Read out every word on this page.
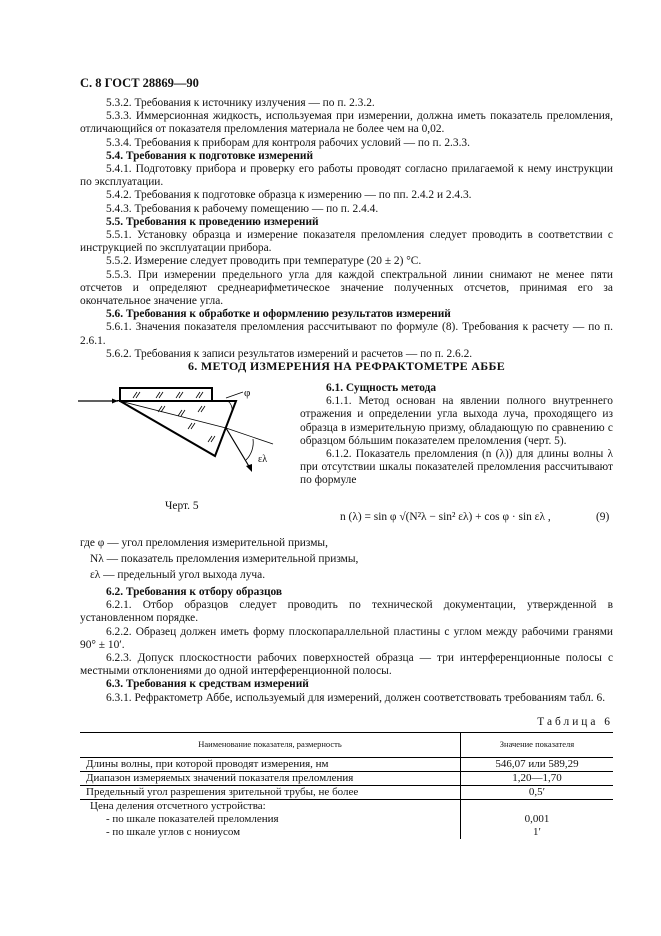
С. 8 ГОСТ 28869—90

5.3.2. Требования к источнику излучения — по п. 2.3.2.

5.3.3. Иммерсионная жидкость, используемая при измерении, должна иметь показатель преломления, отличающийся от показателя преломления материала не более чем на 0,02.

5.3.4. Требования к приборам для контроля рабочих условий — по п. 2.3.3.

5.4. Требования к подготовке измерений

5.4.1. Подготовку прибора и проверку его работы проводят согласно прилагаемой к нему инструкции по эксплуатации.

5.4.2. Требования к подготовке образца к измерению — по пп. 2.4.2 и 2.4.3.

5.4.3. Требования к рабочему помещению — по п. 2.4.4.

5.5. Требования к проведению измерений

5.5.1. Установку образца и измерение показателя преломления следует проводить в соответствии с инструкцией по эксплуатации прибора.

5.5.2. Измерение следует проводить при температуре (20 ± 2) °С.

5.5.3. При измерении предельного угла для каждой спектральной линии снимают не менее пяти отсчетов и определяют среднеарифметическое значение полученных отсчетов, принимая его за окончательное значение угла.

5.6. Требования к обработке и оформлению результатов измерений

5.6.1. Значения показателя преломления рассчитывают по формуле (8). Требования к расчету — по п. 2.6.1.

5.6.2. Требования к записи результатов измерений и расчетов — по п. 2.6.2.

6. МЕТОД ИЗМЕРЕНИЯ НА РЕФРАКТОМЕТРЕ АББЕ

6.1. Сущность метода

6.1.1. Метод основан на явлении полного внутреннего отражения и определении угла выхода луча, проходящего из образца в измерительную призму, обладающую по сравнению с образцом бóльшим показателем преломления (черт. 5).

6.1.2. Показатель преломления (n (λ)) для длины волны λ при отсутствии шкалы показателей преломления рассчитывают по формуле

φ
ελ
Черт. 5
n (λ) = sin φ √(N²λ − sin² ελ) + cos φ · sin ελ ,	(9)
где φ — угол преломления измерительной призмы,
Nλ — показатель преломления измерительной призмы,
ελ — предельный угол выхода луча.

6.2. Требования к отбору образцов

6.2.1. Отбор образцов следует проводить по технической документации, утвержденной в установленном порядке.

6.2.2. Образец должен иметь форму плоскопараллельной пластины с углом между рабочими гранями 90° ± 10′.

6.2.3. Допуск плоскостности рабочих поверхностей образца — три интерференционные полосы с местными отклонениями до одной интерференционной полосы.

6.3. Требования к средствам измерений

6.3.1. Рефрактометр Аббе, используемый для измерений, должен соответствовать требованиям табл. 6.

Таблица 6
Наименование показателя, размерность	Значение показателя
Длины волны, при которой проводят измерения, нм	546,07 или 589,29
Диапазон измеряемых значений показателя преломления	1,20—1,70
Предельный угол разрешения зрительной трубы, не более	0,5′
Цена деления отсчетного устройства:	
- по шкале показателей преломления	0,001
- по шкале углов с нониусом	1′
